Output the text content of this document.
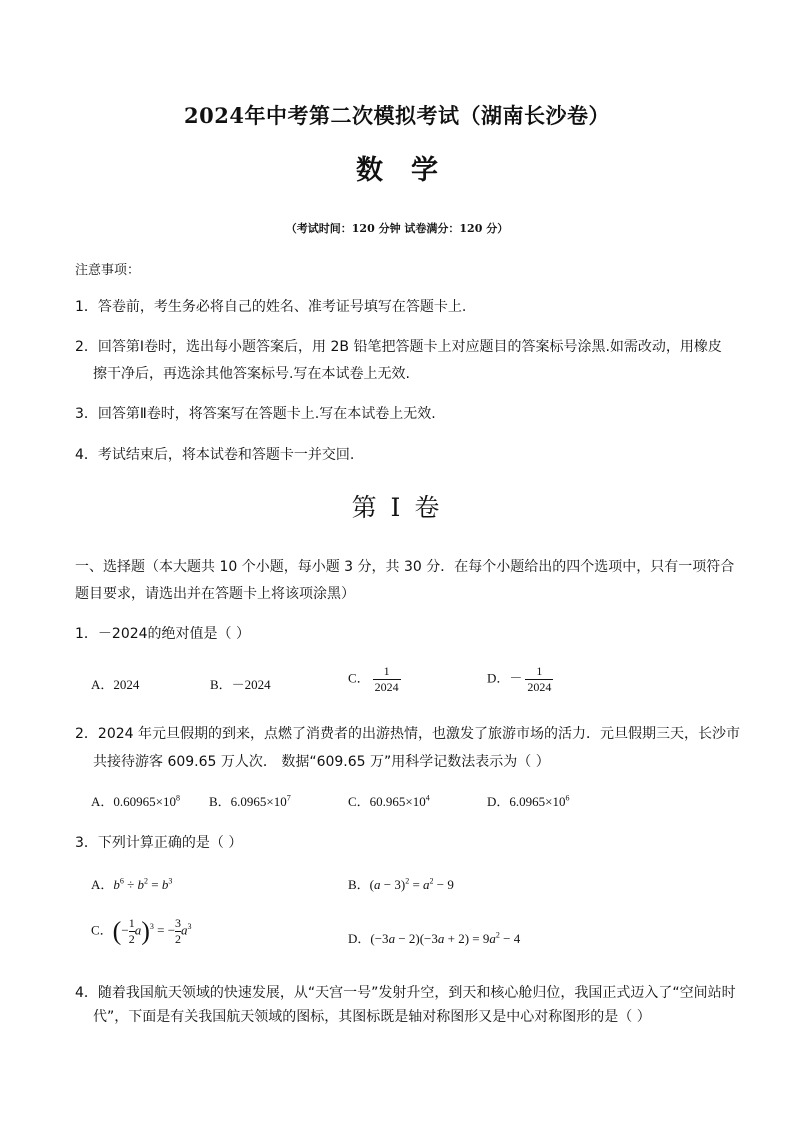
2024年中考第二次模拟考试（湖南长沙卷）
数学
（考试时间：120 分钟 试卷满分：120 分）
注意事项：
1．答卷前，考生务必将自己的姓名、准考证号填写在答题卡上.
2．回答第Ⅰ卷时，选出每小题答案后，用 2B 铅笔把答题卡上对应题目的答案标号涂黑.如需改动，用橡皮
擦干净后，再选涂其他答案标号.写在本试卷上无效.
3．回答第Ⅱ卷时，将答案写在答题卡上.写在本试卷上无效.
4．考试结束后，将本试卷和答题卡一并交回.
第 I 卷
一、选择题（本大题共 10 个小题，每小题 3 分，共 30 分．在每个小题给出的四个选项中，只有一项符合
题目要求，请选出并在答题卡上将该项涂黑）
1．－2024的绝对值是（ ）
A．2024	B．－2024	C． $\frac{1}{2024}$	D．－ $\frac{1}{2024}$
2．2024 年元旦假期的到来，点燃了消费者的出游热情，也激发了旅游市场的活力．元旦假期三天，长沙市
共接待游客 609.65 万人次． 数据“609.65 万”用科学记数法表示为（ ）
A．$0.60965\times 10^8$ B．$6.0965\times 10^7$	C．$60.965\times 10^4$	D．$6.0965\times 10^6$
3．下列计算正确的是（ ）
A．$b^6 \div b^2 = b^3$	B．$(a - 3)^2 = a^2 - 9$
C．(− $\frac{1}{2} a)^3$ = − $\frac{3}{2} a^3$
D．$(-3a - 2)(-3a + 2) = 9a^2 - 4$
4．随着我国航天领域的快速发展，从“天宫一号”发射升空，到天和核心舱归位，我国正式迈入了“空间站时
代”，下面是有关我国航天领域的图标，其图标既是轴对称图形又是中心对称图形的是（ ）
